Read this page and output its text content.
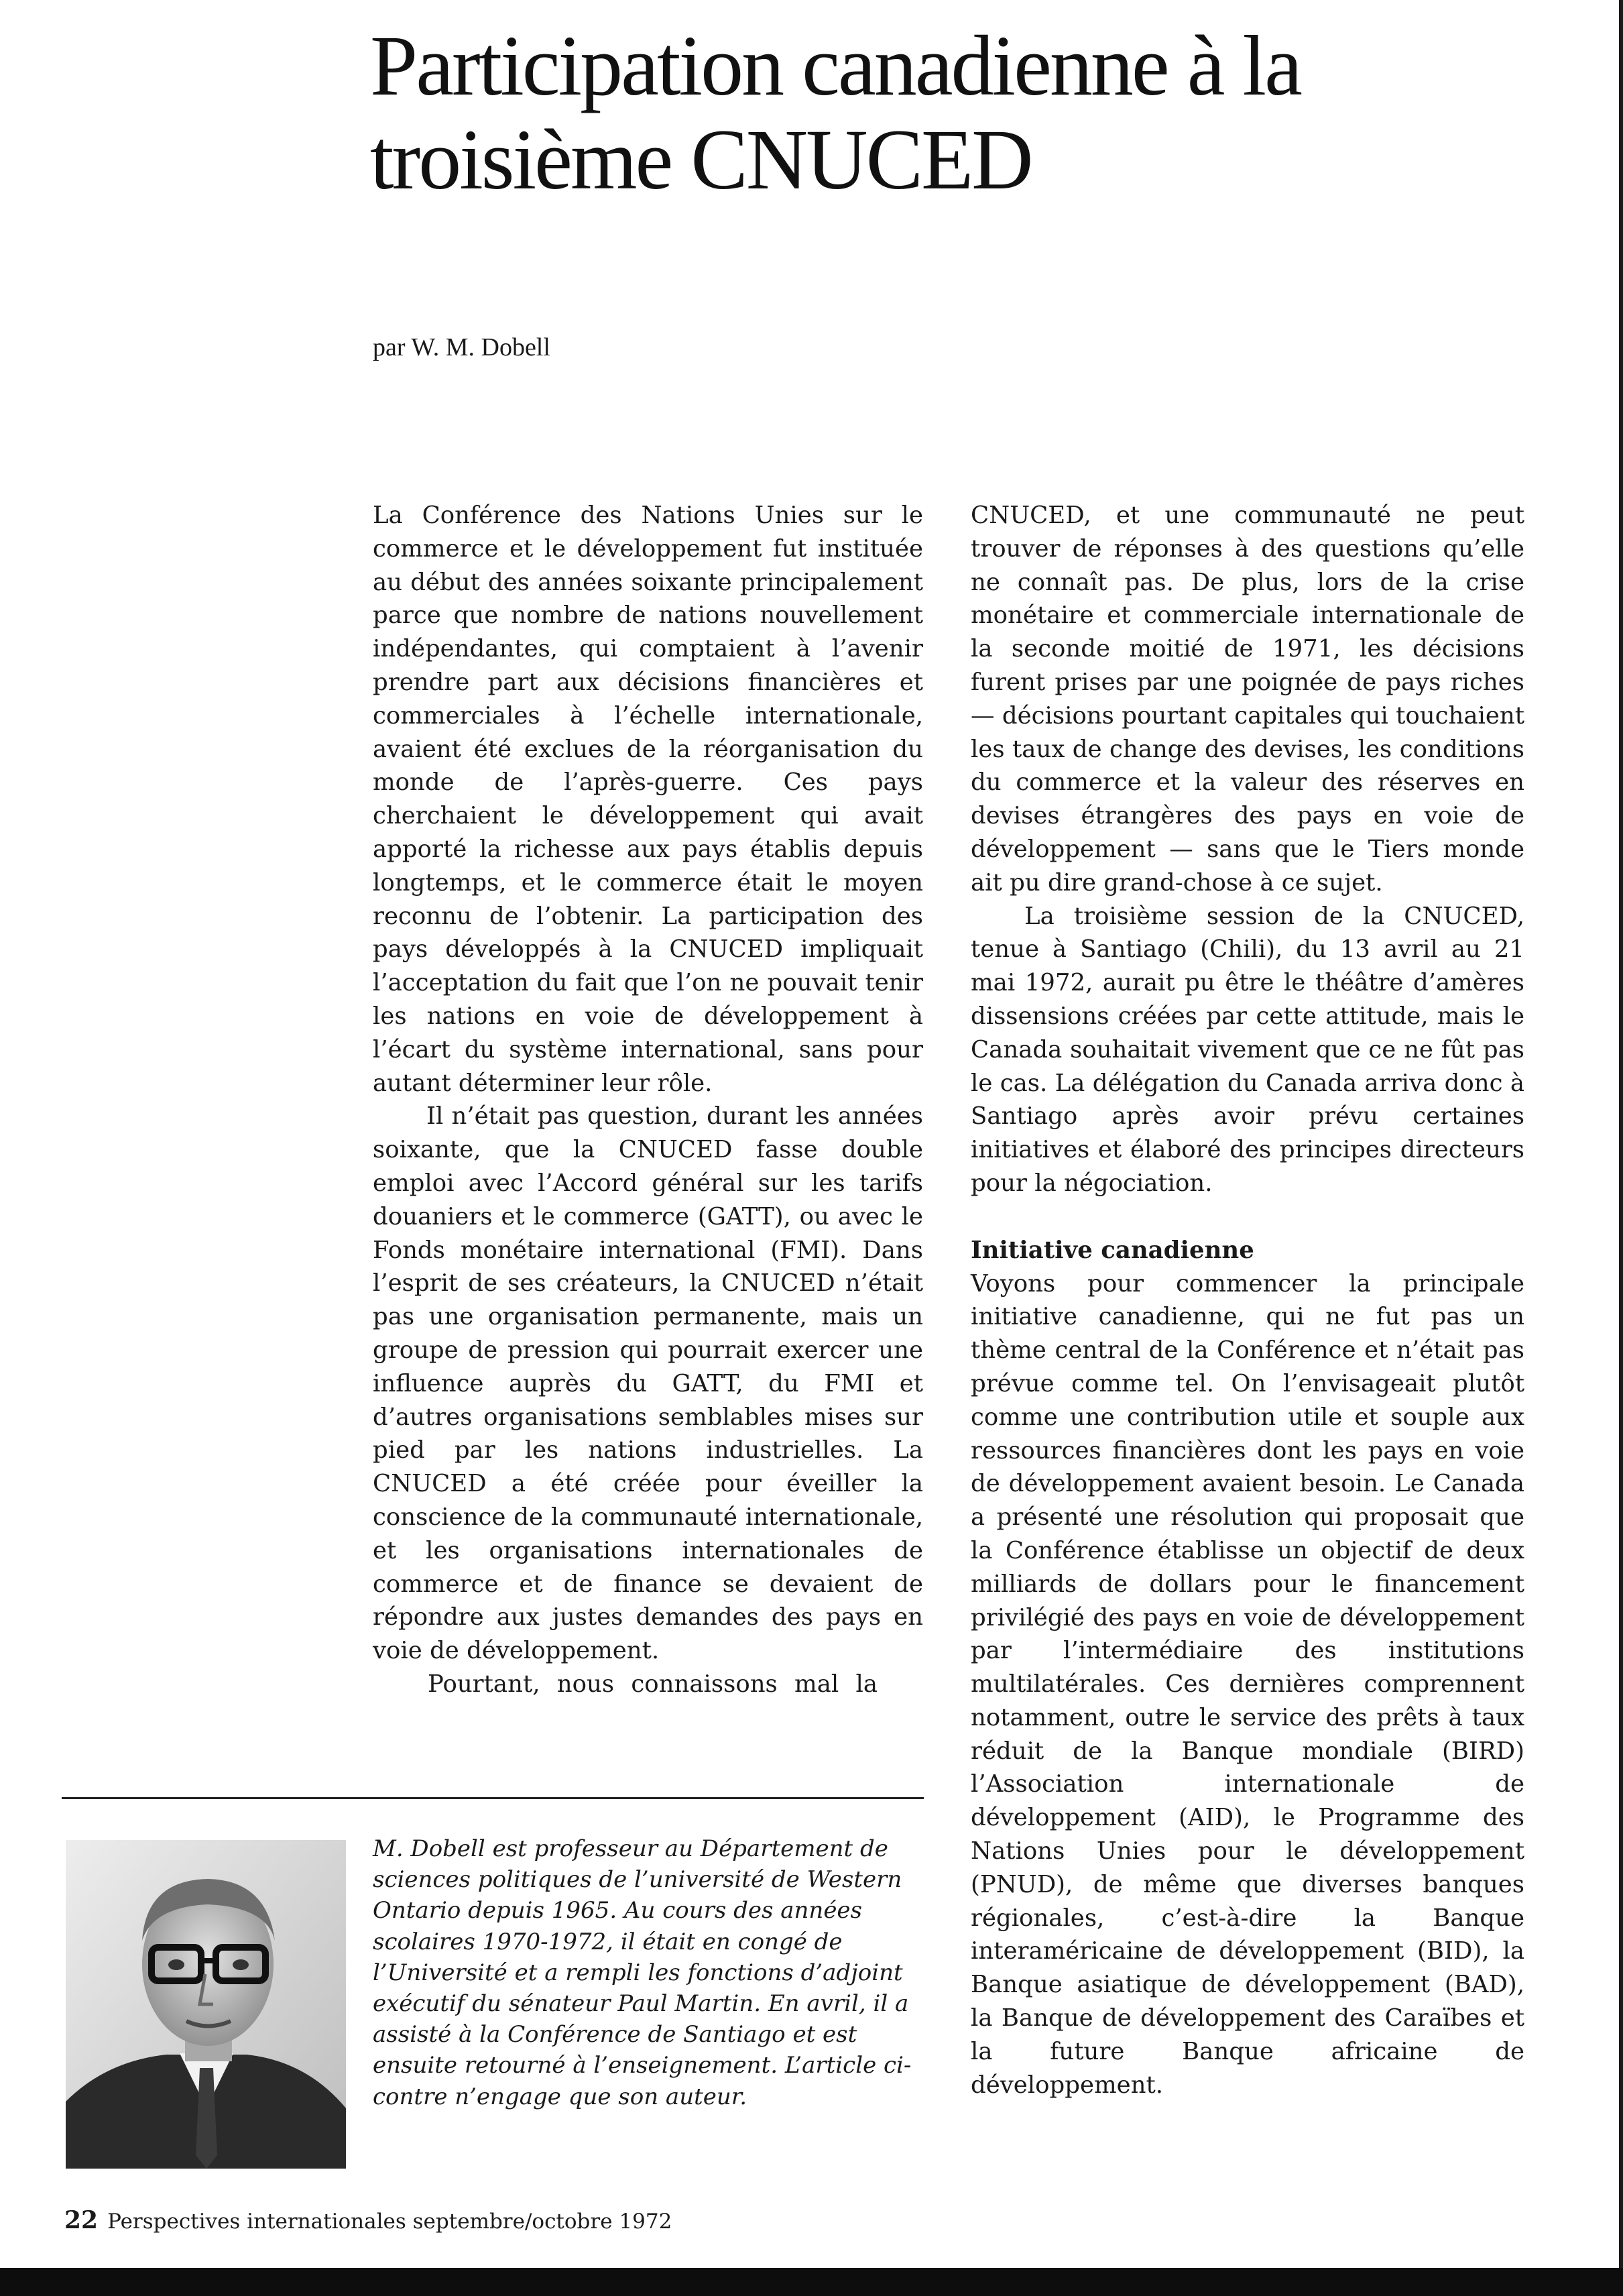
Participation canadienne à la
troisième CNUCED
par W. M. Dobell

La Conférence des Nations Unies sur le commerce et le développement fut instituée au début des années soixante principalement parce que nombre de nations nouvellement indépendantes, qui comptaient à l’avenir prendre part aux décisions financières et commerciales à l’échelle internationale, avaient été exclues de la réorganisation du monde de l’après-guerre. Ces pays cherchaient le développement qui avait apporté la richesse aux pays établis depuis longtemps, et le commerce était le moyen reconnu de l’obtenir. La participation des pays développés à la CNUCED impliquait l’acceptation du fait que l’on ne pouvait tenir les nations en voie de développement à l’écart du système international, sans pour autant déterminer leur rôle.

Il n’était pas question, durant les années soixante, que la CNUCED fasse double emploi avec l’Accord général sur les tarifs douaniers et le commerce (GATT), ou avec le Fonds monétaire international (FMI). Dans l’esprit de ses créateurs, la CNUCED n’était pas une organisation permanente, mais un groupe de pression qui pourrait exercer une influence auprès du GATT, du FMI et d’autres organisations semblables mises sur pied par les nations industrielles. La CNUCED a été créée pour éveiller la conscience de la communauté internationale, et les organisations internationales de commerce et de finance se devaient de répondre aux justes demandes des pays en voie de développement.

Pourtant, nous connaissons mal la

CNUCED, et une communauté ne peut trouver de réponses à des questions qu’elle ne connaît pas. De plus, lors de la crise monétaire et commerciale internationale de la seconde moitié de 1971, les décisions furent prises par une poignée de pays riches — décisions pourtant capitales qui touchaient les taux de change des devises, les conditions du commerce et la valeur des réserves en devises étrangères des pays en voie de développement — sans que le Tiers monde ait pu dire grand-chose à ce sujet.

La troisième session de la CNUCED, tenue à Santiago (Chili), du 13 avril au 21 mai 1972, aurait pu être le théâtre d’amères dissensions créées par cette attitude, mais le Canada souhaitait vivement que ce ne fût pas le cas. La délégation du Canada arriva donc à Santiago après avoir prévu certaines initiatives et élaboré des principes directeurs pour la négociation.

Initiative canadienne

Voyons pour commencer la principale initiative canadienne, qui ne fut pas un thème central de la Conférence et n’était pas prévue comme tel. On l’envisageait plutôt comme une contribution utile et souple aux ressources financières dont les pays en voie de développement avaient besoin. Le Canada a présenté une résolution qui proposait que la Conférence établisse un objectif de deux milliards de dollars pour le financement privilégié des pays en voie de développement par l’intermédiaire des institutions multilatérales. Ces dernières comprennent notamment, outre le service des prêts à taux réduit de la Banque mondiale (BIRD) l’Association internationale de développement (AID), le Programme des Nations Unies pour le développement (PNUD), de même que diverses banques régionales, c’est-à-dire la Banque interaméricaine de développement (BID), la Banque asiatique de développement (BAD), la Banque de développement des Caraïbes et la future Banque africaine de développement.

M. Dobell est professeur au Département de sciences politiques de l’université de Western Ontario depuis 1965. Au cours des années scolaires 1970-1972, il était en congé de l’Université et a rempli les fonctions d’adjoint exécutif du sénateur Paul Martin. En avril, il a assisté à la Conférence de Santiago et est ensuite retourné à l’enseignement. L’article ci-contre n’engage que son auteur.

22 Perspectives internationales septembre/octobre 1972
